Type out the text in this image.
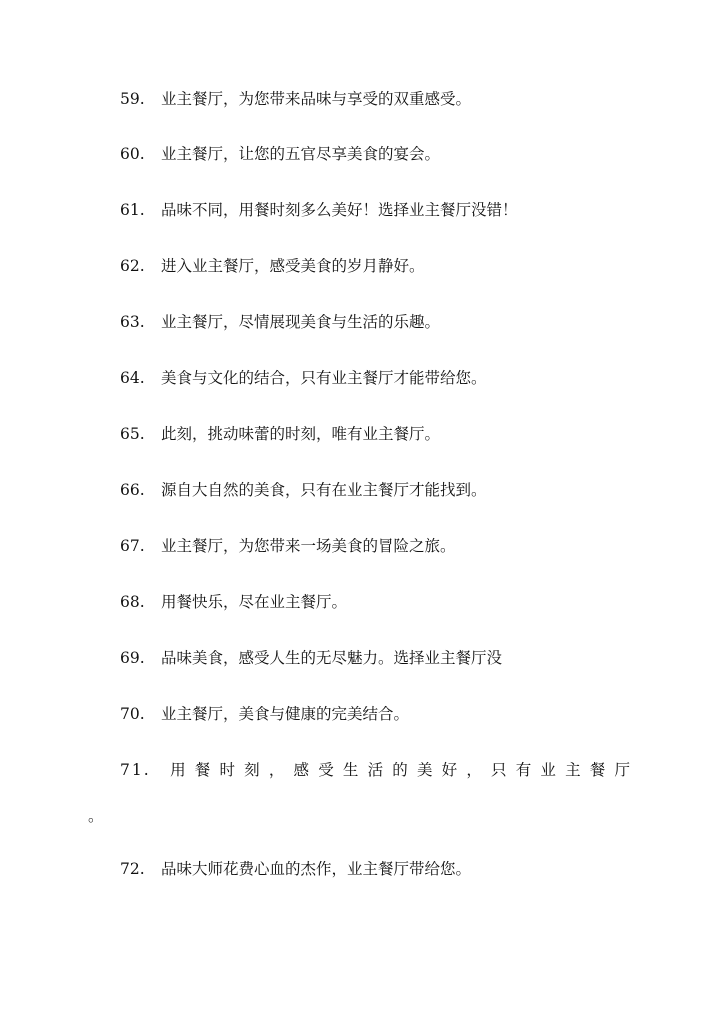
59. 业主餐厅，为您带来品味与享受的双重感受。
60. 业主餐厅，让您的五官尽享美食的宴会。
61. 品味不同，用餐时刻多么美好！选择业主餐厅没错！
62. 进入业主餐厅，感受美食的岁月静好。
63. 业主餐厅，尽情展现美食与生活的乐趣。
64. 美食与文化的结合，只有业主餐厅才能带给您。
65. 此刻，挑动味蕾的时刻，唯有业主餐厅。
66. 源自大自然的美食，只有在业主餐厅才能找到。
67. 业主餐厅，为您带来一场美食的冒险之旅。
68. 用餐快乐，尽在业主餐厅。
69. 品味美食，感受人生的无尽魅力。选择业主餐厅没
70. 业主餐厅，美食与健康的完美结合。
71. 用餐时刻，感受生活的美好，只有业主餐厅
。
72. 品味大师花费心血的杰作，业主餐厅带给您。
